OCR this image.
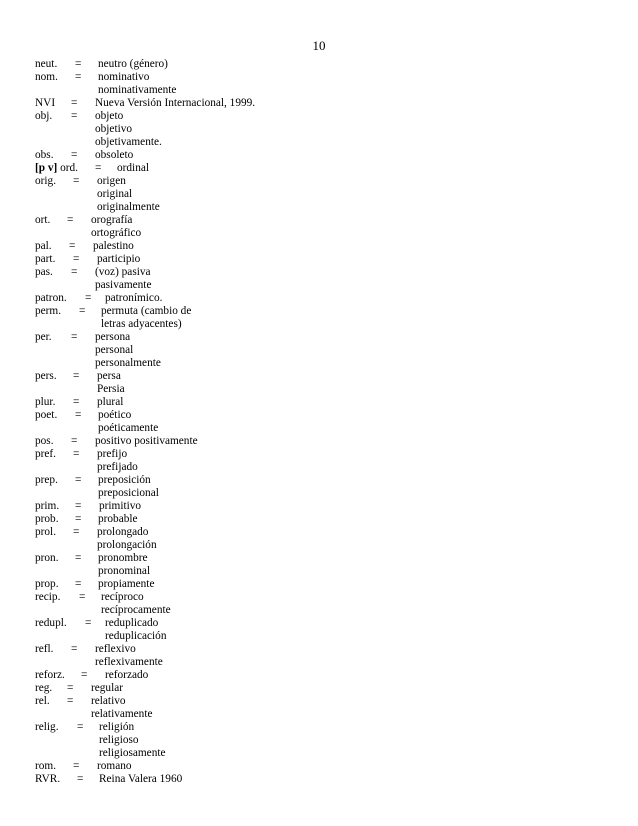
10
neut. = neutro (género)
nom. = nominativo
nominativamente
NVI = Nueva Versión Internacional, 1999.
obj. = objeto
objetivo
objetivamente.
obs. = obsoleto
[p v] ord. = ordinal
orig. = origen
original
originalmente
ort. = orografía
ortográfico
pal. = palestino
part. = participio
pas. = (voz) pasiva
pasivamente
patron. = patronímico.
perm. = permuta (cambio de
letras adyacentes)
per. = persona
personal
personalmente
pers. = persa
Persia
plur. = plural
poet. = poético
poéticamente
pos. = positivo positivamente
pref. = prefijo
prefijado
prep. = preposición
preposicional
prim. = primitivo
prob. = probable
prol. = prolongado
prolongación
pron. = pronombre
pronominal
prop. = propiamente
recip. = recíproco
recíprocamente
redupl. = reduplicado
reduplicación
refl. = reflexivo
reflexivamente
reforz. = reforzado
reg. = regular
rel. = relativo
relativamente
relig. = religión
religioso
religiosamente
rom. = romano
RVR. = Reina Valera 1960
